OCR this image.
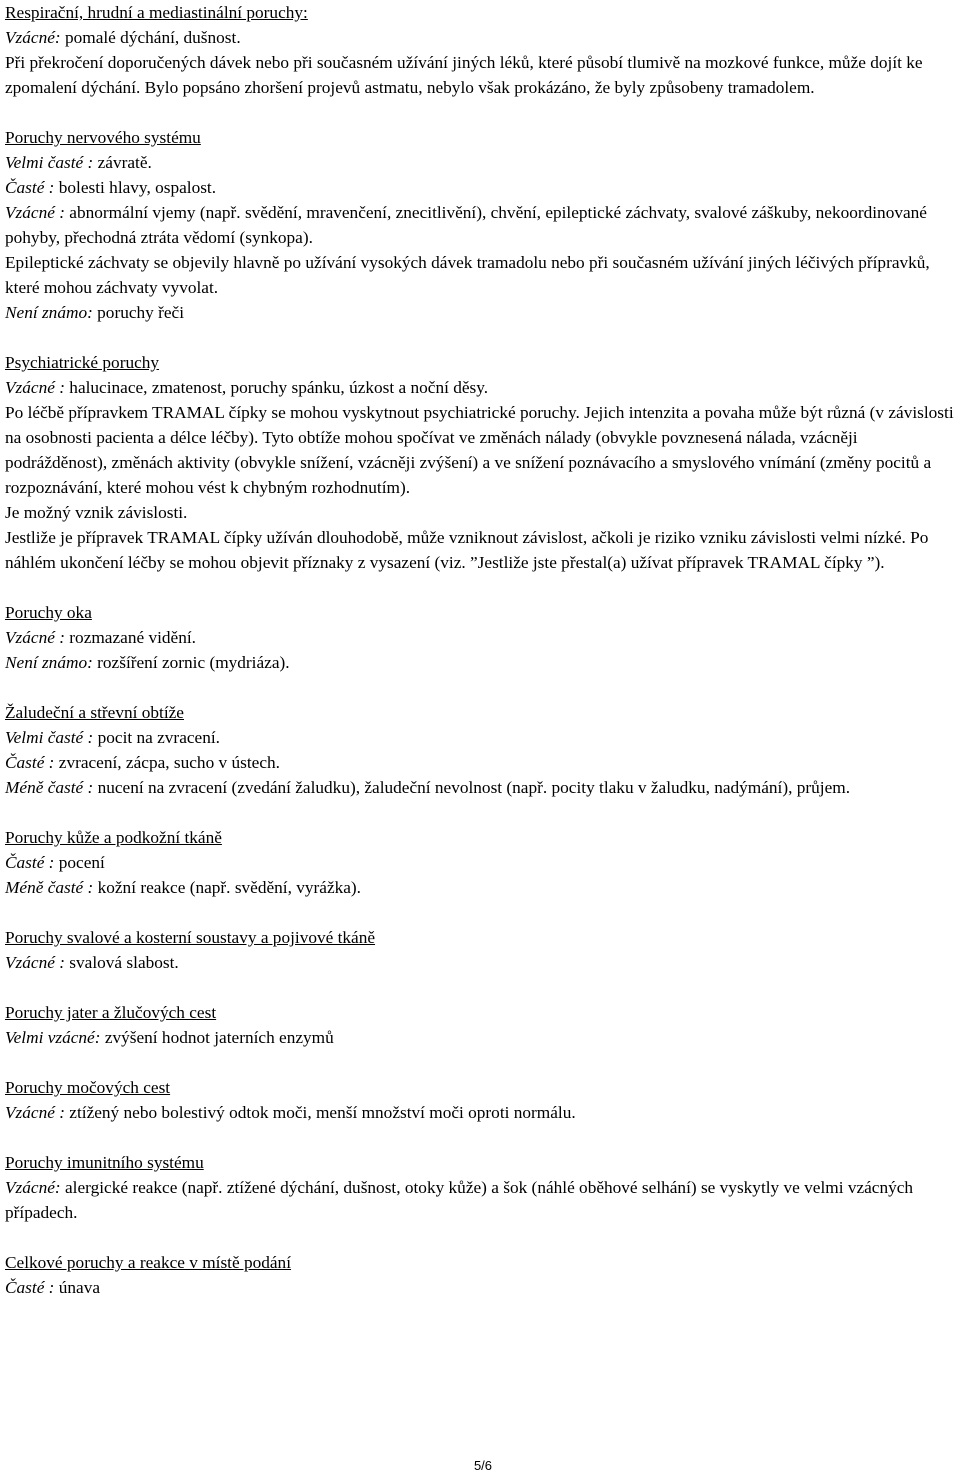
Respirační, hrudní a mediastinální poruchy:

Vzácné: pomalé dýchání, dušnost.

Při překročení doporučených dávek nebo při současném užívání jiných léků, které působí tlumivě na mozkové funkce, může dojít ke zpomalení dýchání. Bylo popsáno zhoršení projevů astmatu, nebylo však prokázáno, že byly způsobeny tramadolem.

Poruchy nervového systému

Velmi časté : závratě.

Časté : bolesti hlavy, ospalost.

Vzácné : abnormální vjemy (např. svědění, mravenčení, znecitlivění), chvění, epileptické záchvaty, svalové záškuby, nekoordinované pohyby, přechodná ztráta vědomí (synkopa).

Epileptické záchvaty se objevily hlavně po užívání vysokých dávek tramadolu nebo při současném užívání jiných léčivých přípravků, které mohou záchvaty vyvolat.

Není známo: poruchy řeči

Psychiatrické poruchy

Vzácné : halucinace, zmatenost, poruchy spánku, úzkost a noční děsy.

Po léčbě přípravkem TRAMAL čípky se mohou vyskytnout psychiatrické poruchy. Jejich intenzita a povaha může být různá (v závislosti na osobnosti pacienta a délce léčby). Tyto obtíže mohou spočívat ve změnách nálady (obvykle povznesená nálada, vzácněji podrážděnost), změnách aktivity (obvykle snížení, vzácněji zvýšení) a ve snížení poznávacího a smyslového vnímání (změny pocitů a rozpoznávání, které mohou vést k chybným rozhodnutím).

Je možný vznik závislosti.

Jestliže je přípravek TRAMAL čípky užíván dlouhodobě, může vzniknout závislost, ačkoli je riziko vzniku závislosti velmi nízké. Po náhlém ukončení léčby se mohou objevit příznaky z vysazení (viz. ”Jestliže jste přestal(a) užívat přípravek TRAMAL čípky ”).

Poruchy oka

Vzácné : rozmazané vidění.

Není známo: rozšíření zornic (mydriáza).

Žaludeční a střevní obtíže

Velmi časté : pocit na zvracení.

Časté : zvracení, zácpa, sucho v ústech.

Méně časté : nucení na zvracení (zvedání žaludku), žaludeční nevolnost (např. pocity tlaku v žaludku, nadýmání), průjem.

Poruchy kůže a podkožní tkáně

Časté : pocení

Méně časté : kožní reakce (např. svědění, vyrážka).

Poruchy svalové a kosterní soustavy a pojivové tkáně

Vzácné : svalová slabost.

Poruchy jater a žlučových cest

Velmi vzácné: zvýšení hodnot jaterních enzymů

Poruchy močových cest

Vzácné : ztížený nebo bolestivý odtok moči, menší množství moči oproti normálu.

Poruchy imunitního systému

Vzácné: alergické reakce (např. ztížené dýchání, dušnost, otoky kůže) a šok (náhlé oběhové selhání) se vyskytly ve velmi vzácných případech.

Celkové poruchy a reakce v místě podání

Časté : únava

5/6
